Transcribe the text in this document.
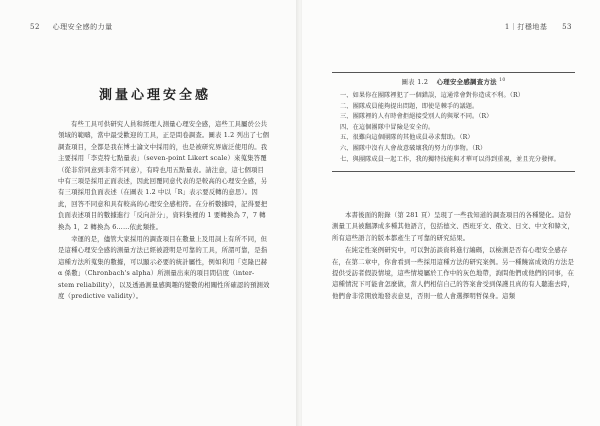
52 心理安全感的力量
測量心理安全感

有些工具可供研究人員和經理人測量心理安全感，這些工具屬於公共領域的範疇，當中最受歡迎的工具，正是問卷調查。圖表 1.2 列出了七個調查項目，全都是我在博士論文中採用的，也是被研究界廣泛使用的。我主要採用「李克特七點量表」（seven-point Likert scale）來蒐集答覆（從非常同意到非常不同意），有時也用五點量表。請注意，這七個項目中有三項是採用正面表述，因此回覆同意代表的是較高的心理安全感，另有三項採用負面表述（在圖表 1.2 中以「R」表示要反轉的意思）。因此，回答不同意和具有較高的心理安全感相符。在分析數據時，記得要把負面表述項目的數據進行「反向計分」，資料集裡的 1 要轉換為 7，7 轉換為 1，2 轉換為 6……依此類推。

幸運的是，儘管大家採用的調查項目在數量上及用詞上有所不同，但是這種心理安全感的測量方法已經被證明是可靠的工具，所謂可靠，是指這種方法所蒐集的數據，可以顯示必要的統計屬性，例如利用「克隆巴赫 α 係數」（Chronbach's alpha）所測量出來的項目間信度（inter-stem reliability），以及透過測量感興趣的變數的相關性所確認的預測效度（predictive validity）。

1｜打穩地基 53
圖表 1.2 心理安全感調查方法 $^{10}$
一、如果你在團隊裡犯了一個錯誤，這通常會對你造成不利。（R）
二、團隊成員能夠提出問題，即使是棘手的議題。
三、團隊裡的人有時會拒絕接受別人的與眾不同。（R）
四、在這個團隊中冒險是安全的。
五、很難向這個團隊的其他成員尋求幫助。（R）
六、團隊中沒有人會故意破壞我的努力的事物。（R）
七、與團隊成員一起工作，我的獨特技能與才華可以得到重視，並且充分發揮。

本書後面的附錄（第 281 頁）呈現了一些我知道的調查項目的各種變化。這份測量工具被翻譯成多種其他語言，包括德文、西班牙文、俄文、日文、中文和韓文，所有這些語言的版本都產生了可靠的研究結果。

在純定性案例研究中，可以對訪談資料進行編碼，以檢測是否有心理安全感存在，在第二章中，你會看到一些採用這種方法的研究案例。另一種饒富成效的方法是提供受訪者假設情境，這些情境屬於工作中的灰色地帶，詢問他們或他們的同事，在這種情況下可能會怎麼做，當人們相信自己的答案會受到保護且真的有人聽進去時，他們會非常開放地發表意見，否則一般人會選擇明哲保身。這類
